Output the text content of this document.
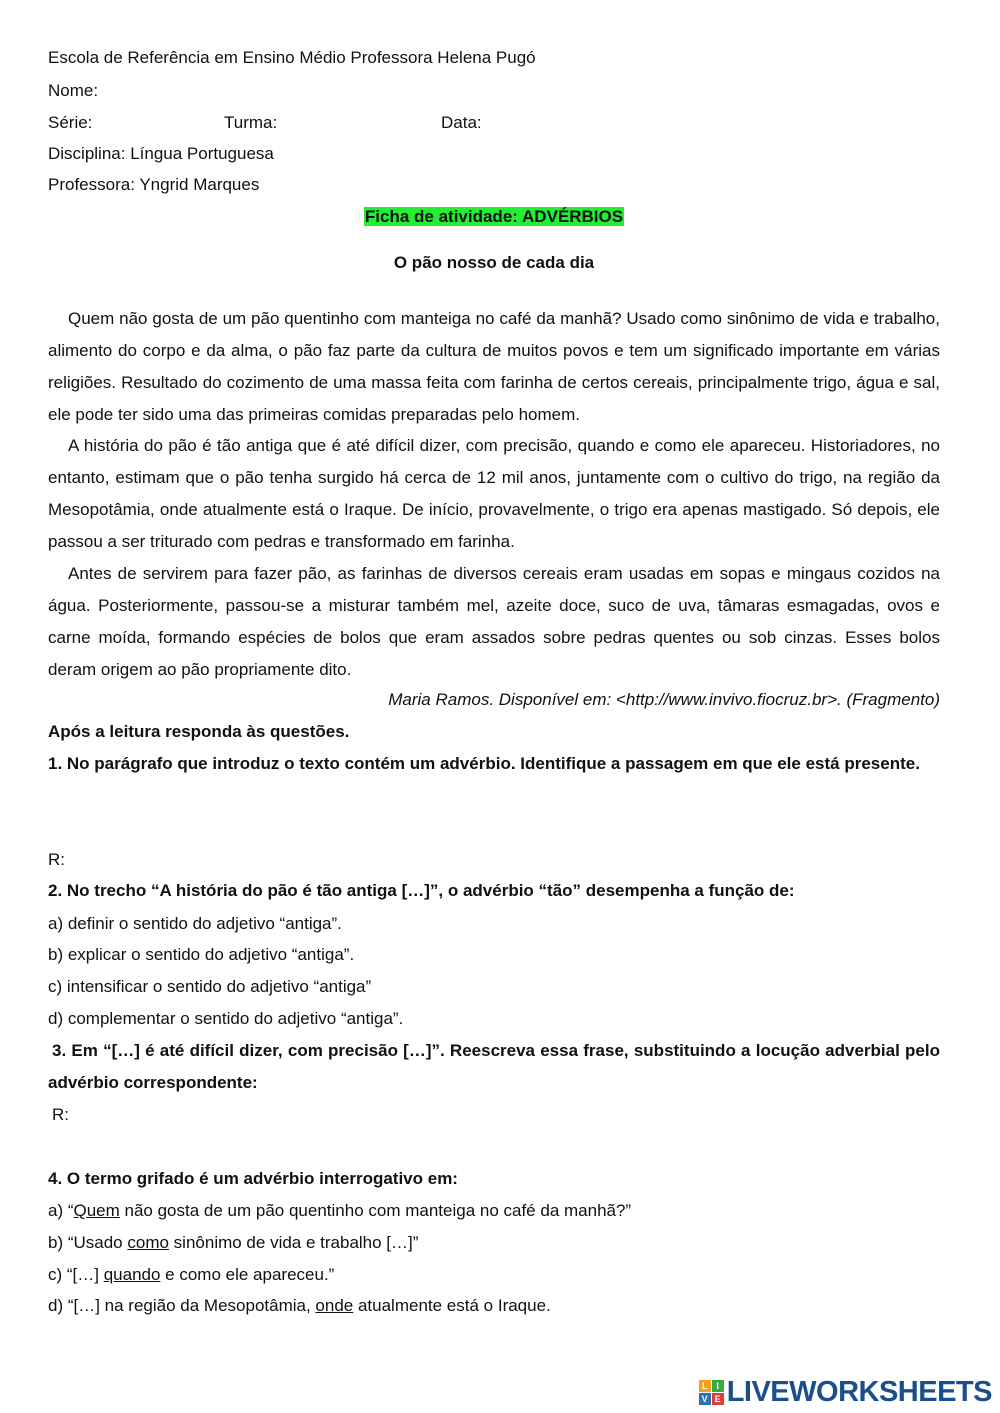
Escola de Referência em Ensino Médio Professora Helena Pugó
Nome:
Série:	Turma:	Data:
Disciplina: Língua Portuguesa
Professora: Yngrid Marques
Ficha de atividade: ADVÉRBIOS
O pão nosso de cada dia

Quem não gosta de um pão quentinho com manteiga no café da manhã? Usado como sinônimo de vida e trabalho, alimento do corpo e da alma, o pão faz parte da cultura de muitos povos e tem um significado importante em várias religiões. Resultado do cozimento de uma massa feita com farinha de certos cereais, principalmente trigo, água e sal, ele pode ter sido uma das primeiras comidas preparadas pelo homem.

A história do pão é tão antiga que é até difícil dizer, com precisão, quando e como ele apareceu. Historiadores, no entanto, estimam que o pão tenha surgido há cerca de 12 mil anos, juntamente com o cultivo do trigo, na região da Mesopotâmia, onde atualmente está o Iraque. De início, provavelmente, o trigo era apenas mastigado. Só depois, ele passou a ser triturado com pedras e transformado em farinha.

Antes de servirem para fazer pão, as farinhas de diversos cereais eram usadas em sopas e mingaus cozidos na água. Posteriormente, passou-se a misturar também mel, azeite doce, suco de uva, tâmaras esmagadas, ovos e carne moída, formando espécies de bolos que eram assados sobre pedras quentes ou sob cinzas. Esses bolos deram origem ao pão propriamente dito.

Maria Ramos. Disponível em: <http://www.invivo.fiocruz.br>. (Fragmento)
Após a leitura responda às questões.

1. No parágrafo que introduz o texto contém um advérbio. Identifique a passagem em que ele está presente.

R:

2. No trecho “A história do pão é tão antiga […]”, o advérbio “tão” desempenha a função de:

a) definir o sentido do adjetivo “antiga”.
b) explicar o sentido do adjetivo “antiga”.
c) intensificar o sentido do adjetivo “antiga”
d) complementar o sentido do adjetivo “antiga”.

3. Em “[…] é até difícil dizer, com precisão […]”. Reescreva essa frase, substituindo a locução adverbial pelo advérbio correspondente:

R:
4. O termo grifado é um advérbio interrogativo em:
a) “Quem não gosta de um pão quentinho com manteiga no café da manhã?”
b) “Usado como sinônimo de vida e trabalho […]”
c) “[…] quando e como ele apareceu.”
d) “[…] na região da Mesopotâmia, onde atualmente está o Iraque.
L I
V E LIVEWORKSHEETS
